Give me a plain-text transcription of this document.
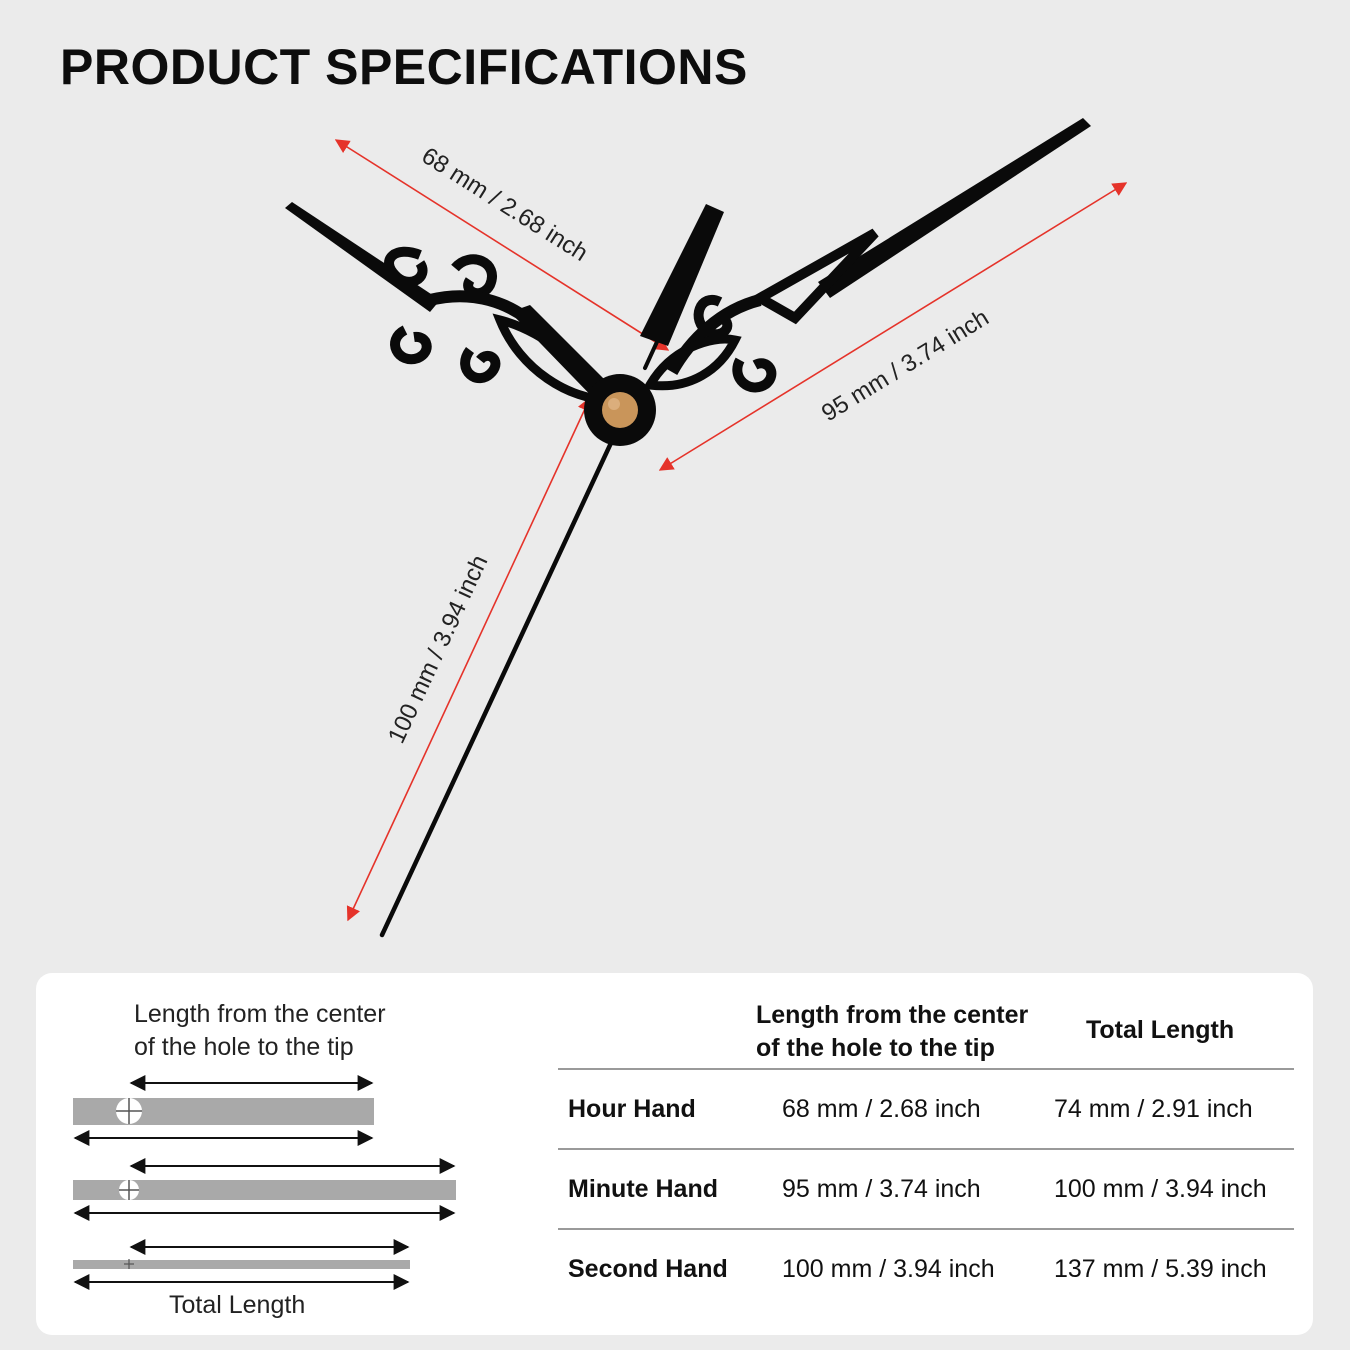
PRODUCT SPECIFICATIONS
68 mm / 2.68 inch
95 mm / 3.74 inch
100 mm / 3.94 inch
Length from the center
of the hole to the tip
Total Length
Length from the center
of the hole to the tip
	Total Length
Hour Hand	68 mm / 2.68 inch	74 mm / 2.91 inch
Minute Hand	95 mm / 3.74 inch	100 mm / 3.94 inch
Second Hand	100 mm / 3.94 inch	137 mm / 5.39 inch
